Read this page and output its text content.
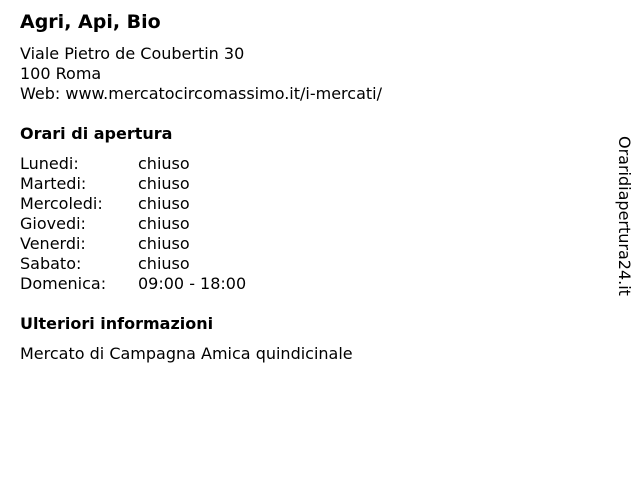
Agri, Api, Bio
Viale Pietro de Coubertin 30
100 Roma
Web: www.mercatocircomassimo.it/i-mercati/
Orari di apertura
Lunedi:	chiuso
Martedi:	chiuso
Mercoledi:	chiuso
Giovedi:	chiuso
Venerdi:	chiuso
Sabato:	chiuso
Domenica:	09:00 - 18:00
Ulteriori informazioni
Mercato di Campagna Amica quindicinale
Oraridiapertura24.it
